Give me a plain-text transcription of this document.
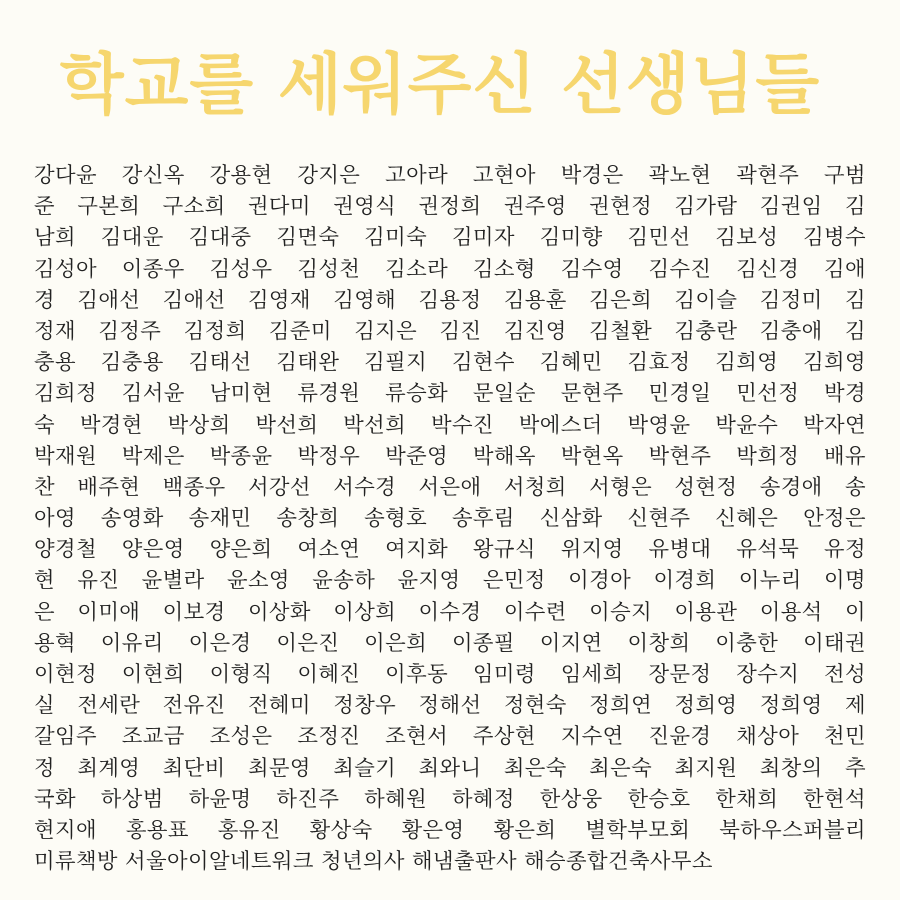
학교를 세워주신 선생님들
강다윤 강신옥 강용현 강지은 고아라 고현아 박경은 곽노현 곽현주 구범
준 구본희 구소희 권다미 권영식 권정희 권주영 권현정 김가람 김권임 김
남희 김대운 김대중 김면숙 김미숙 김미자 김미향 김민선 김보성 김병수
김성아 이종우 김성우 김성천 김소라 김소형 김수영 김수진 김신경 김애
경 김애선 김애선 김영재 김영해 김용정 김용훈 김은희 김이슬 김정미 김
정재 김정주 김정희 김준미 김지은 김진 김진영 김철환 김충란 김충애 김
충용 김충용 김태선 김태완 김필지 김현수 김혜민 김효정 김희영 김희영
김희정 김서윤 남미현 류경원 류승화 문일순 문현주 민경일 민선정 박경
숙 박경현 박상희 박선희 박선희 박수진 박에스더 박영윤 박윤수 박자연
박재원 박제은 박종윤 박정우 박준영 박해옥 박현옥 박현주 박희정 배유
찬 배주현 백종우 서강선 서수경 서은애 서청희 서형은 성현정 송경애 송
아영 송영화 송재민 송창희 송형호 송후림 신삼화 신현주 신혜은 안정은
양경철 양은영 양은희 여소연 여지화 왕규식 위지영 유병대 유석묵 유정
현 유진 윤별라 윤소영 윤송하 윤지영 은민정 이경아 이경희 이누리 이명
은 이미애 이보경 이상화 이상희 이수경 이수련 이승지 이용관 이용석 이
용혁 이유리 이은경 이은진 이은희 이종필 이지연 이창희 이충한 이태권
이현정 이현희 이형직 이혜진 이후동 임미령 임세희 장문정 장수지 전성
실 전세란 전유진 전혜미 정창우 정해선 정현숙 정희연 정희영 정희영 제
갈임주 조교금 조성은 조정진 조현서 주상현 지수연 진윤경 채상아 천민
정 최계영 최단비 최문영 최슬기 최와니 최은숙 최은숙 최지원 최창의 추
국화 하상범 하윤명 하진주 하혜원 하혜정 한상웅 한승호 한채희 한현석
현지애 홍용표 홍유진 황상숙 황은영 황은희 별학부모회 북하우스퍼블리
미류책방 서울아이알네트워크 청년의사 해냄출판사 해승종합건축사무소
